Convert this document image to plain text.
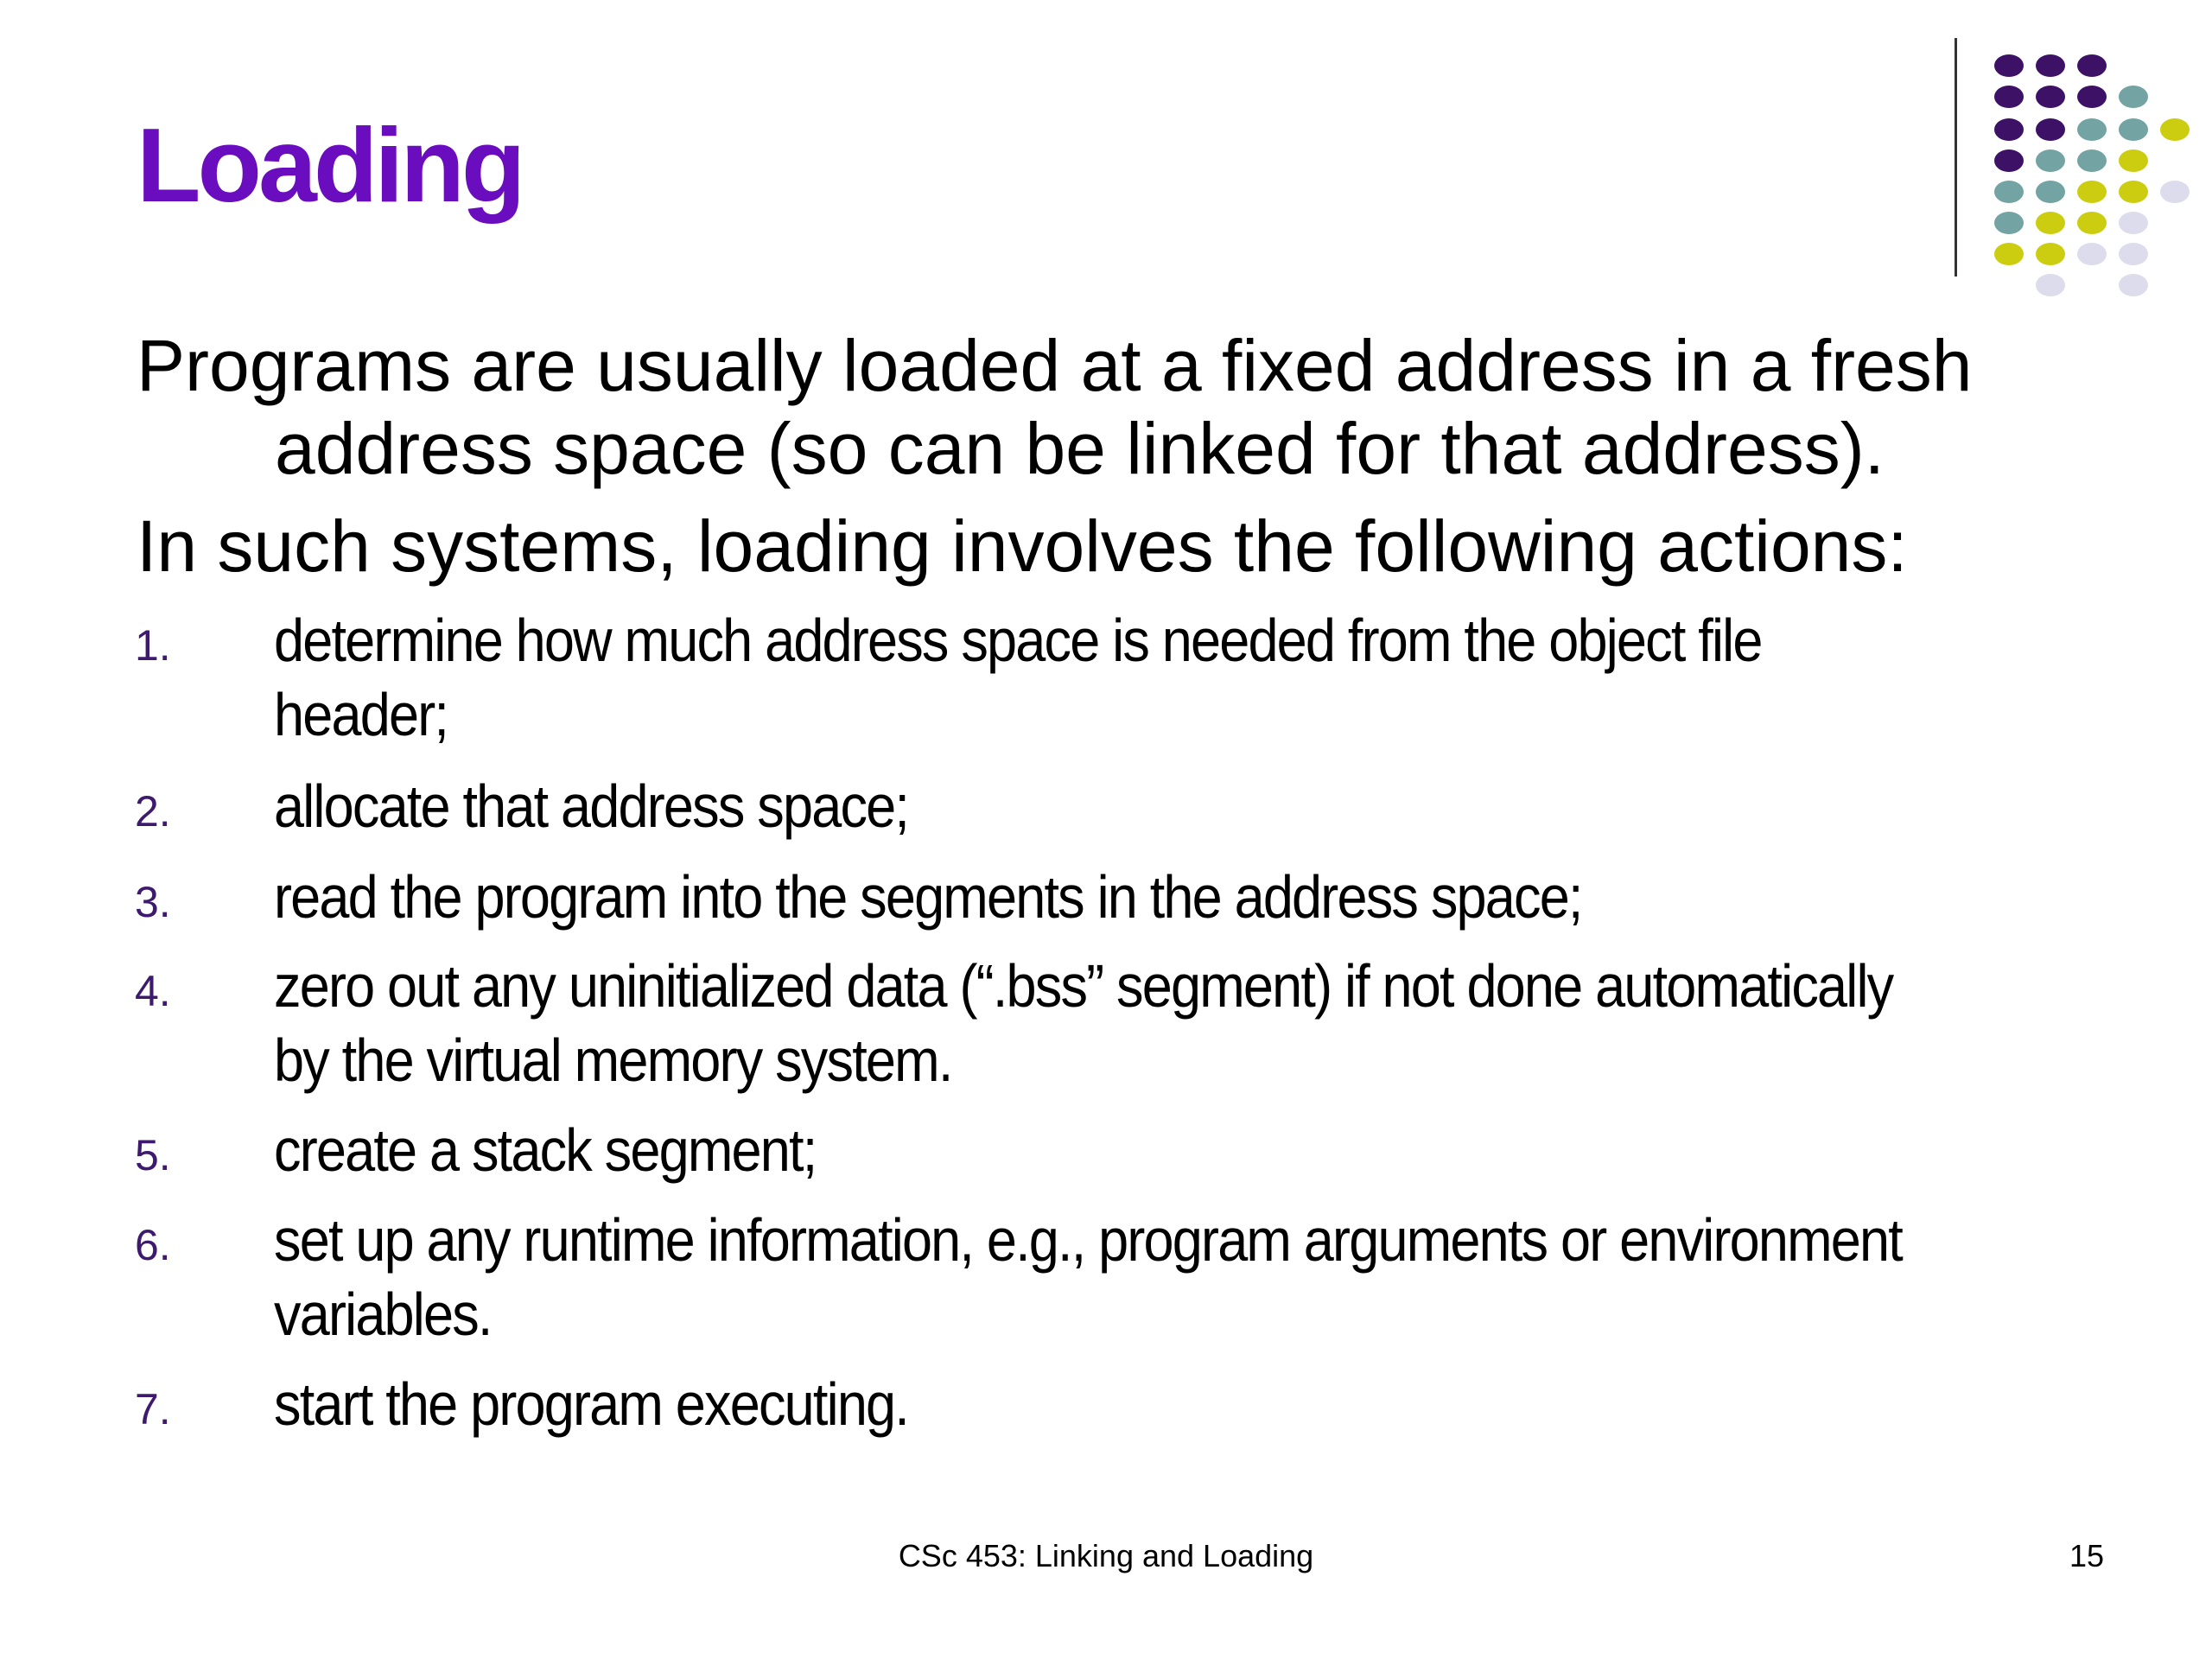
Loading
Programs are usually loaded at a fixed address in a fresh
address space (so can be linked for that address).
In such systems, loading involves the following actions:
1. determine how much address space is needed from the object file
header;
2. allocate that address space;
3. read the program into the segments in the address space;
4. zero out any uninitialized data (“.bss” segment) if not done automatically
by the virtual memory system.
5. create a stack segment;
6. set up any runtime information, e.g., program arguments or environment
variables.
7. start the program executing.
CSc 453: Linking and Loading	15
